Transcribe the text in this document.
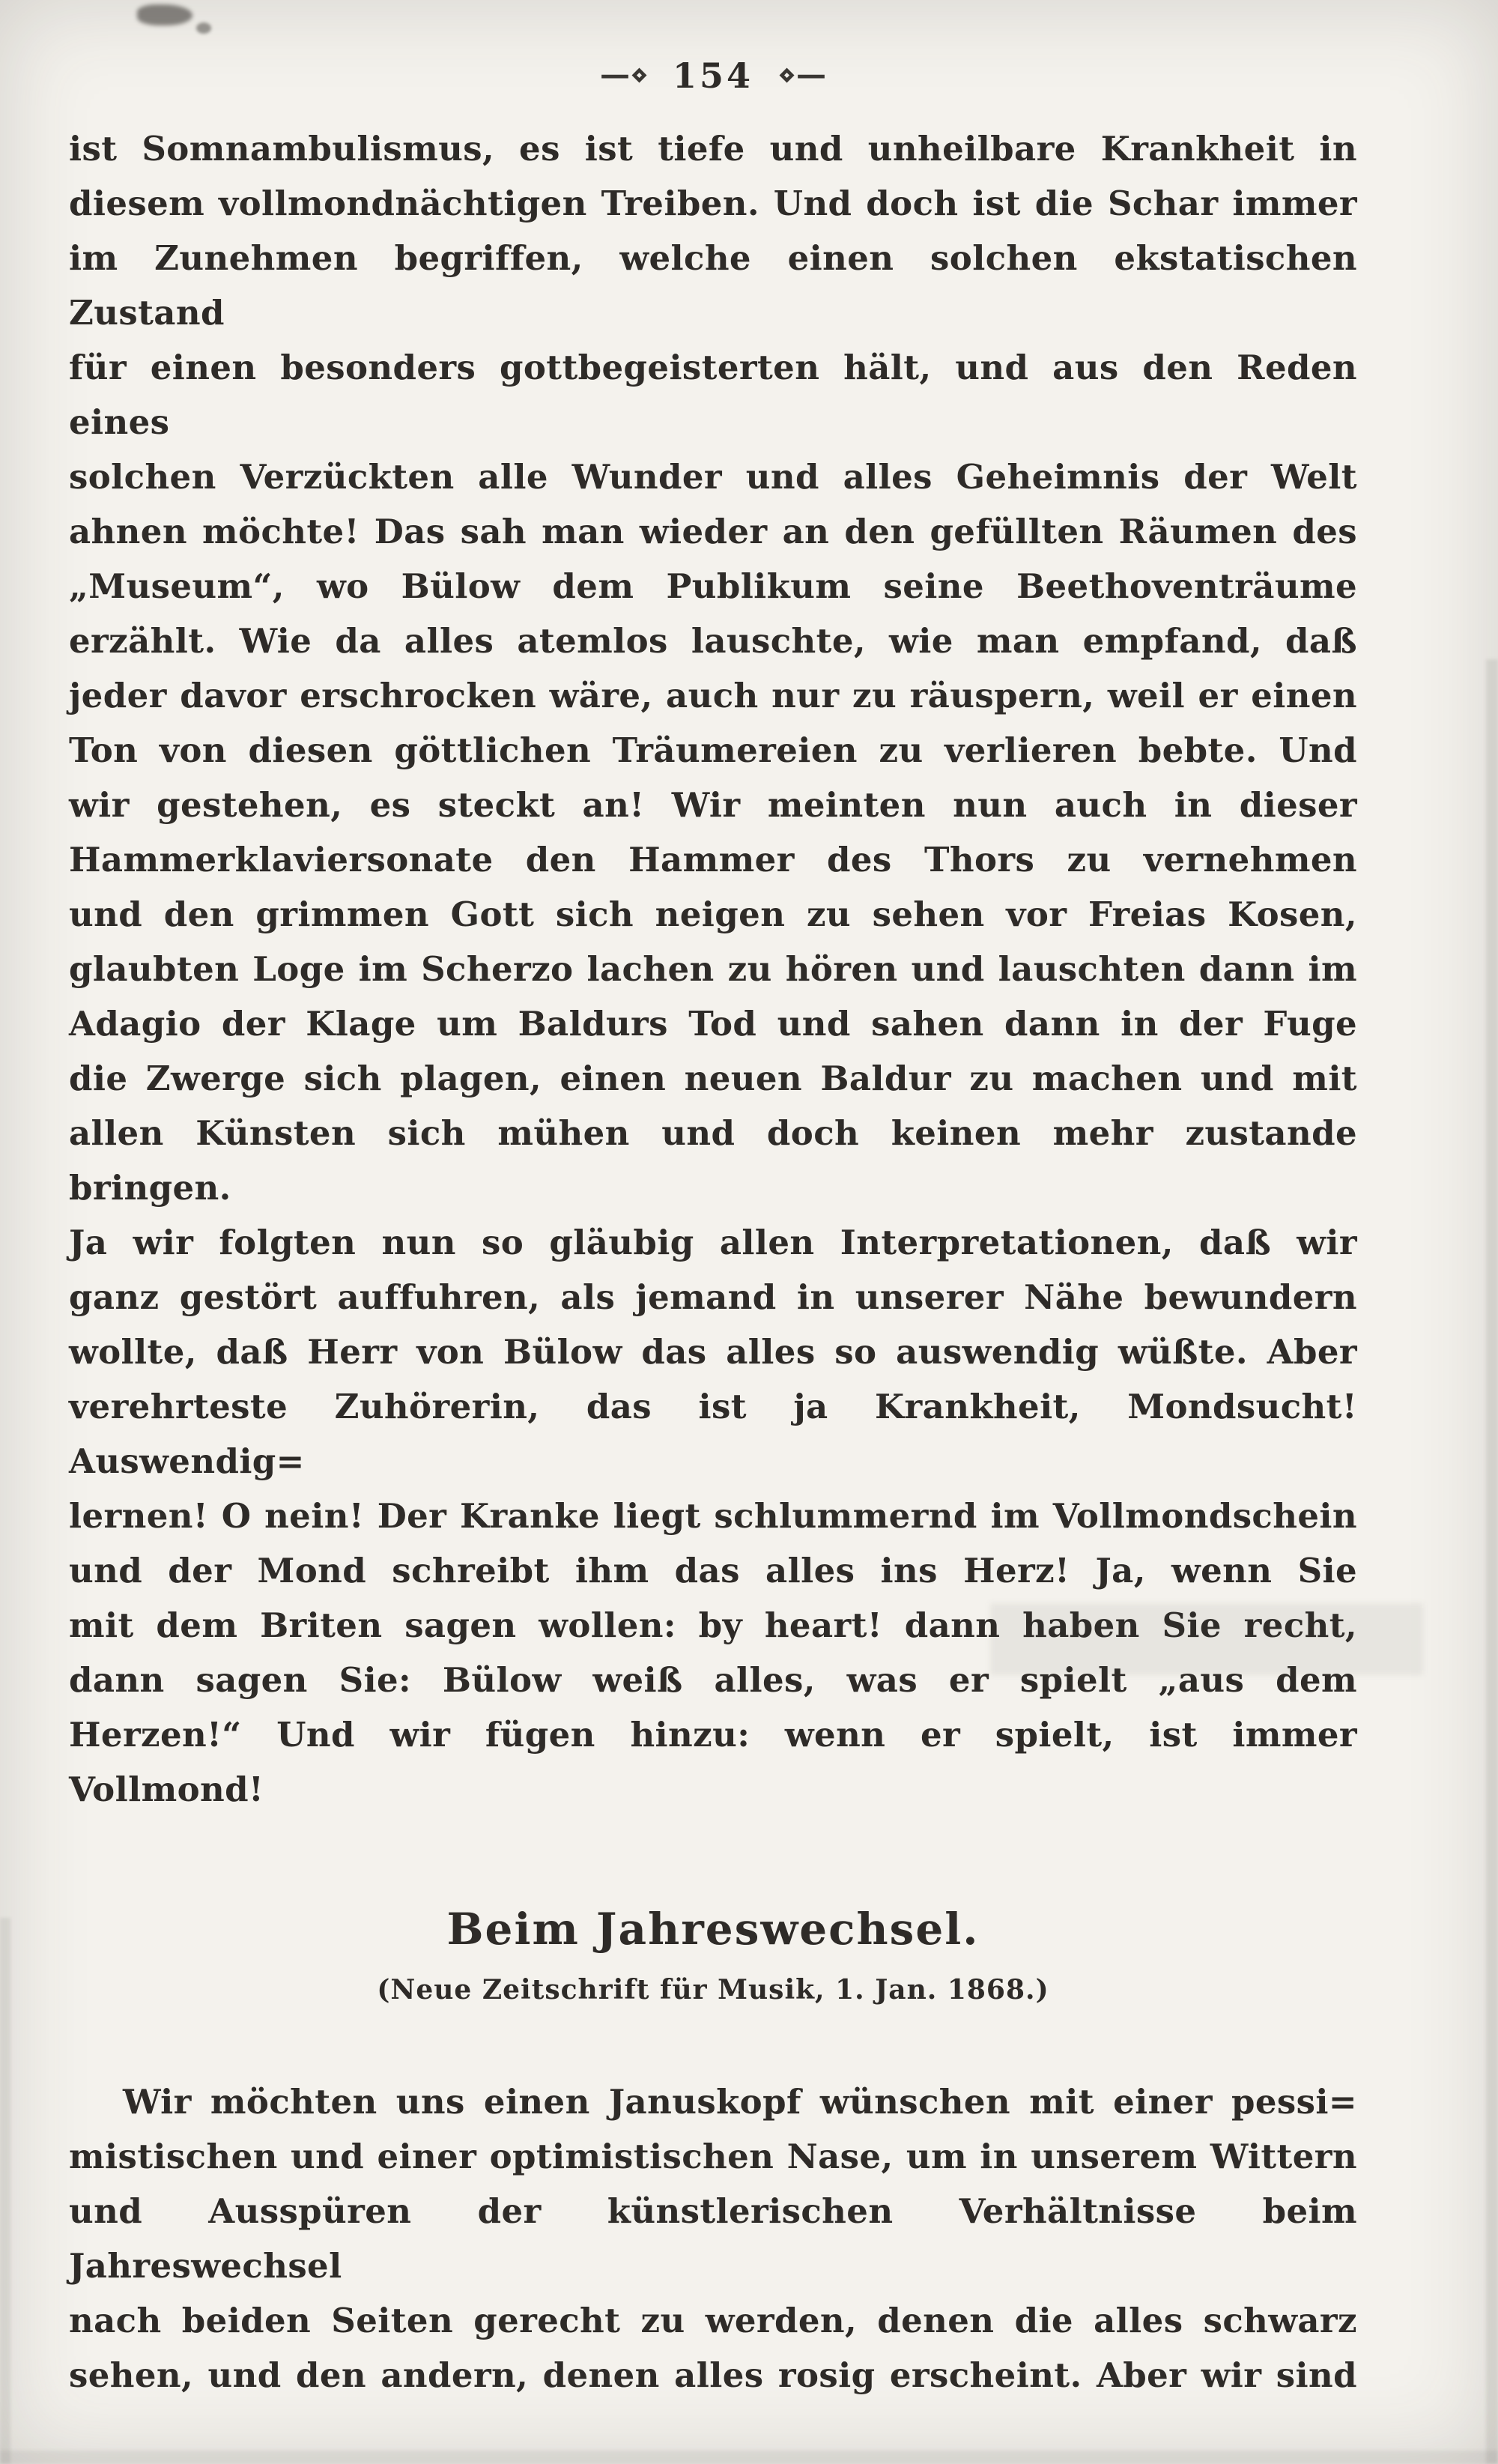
—⋄ 154 ⋄—
ist Somnambulismus, es ist tiefe und unheilbare Krankheit in
diesem vollmondnächtigen Treiben. Und doch ist die Schar immer
im Zunehmen begriffen, welche einen solchen ekstatischen Zustand
für einen besonders gottbegeisterten hält, und aus den Reden eines
solchen Verzückten alle Wunder und alles Geheimnis der Welt
ahnen möchte! Das sah man wieder an den gefüllten Räumen des
„Museum“, wo Bülow dem Publikum seine Beethoventräume
erzählt. Wie da alles atemlos lauschte, wie man empfand, daß
jeder davor erschrocken wäre, auch nur zu räuspern, weil er einen
Ton von diesen göttlichen Träumereien zu verlieren bebte. Und
wir gestehen, es steckt an! Wir meinten nun auch in dieser
Hammerklaviersonate den Hammer des Thors zu vernehmen
und den grimmen Gott sich neigen zu sehen vor Freias Kosen,
glaubten Loge im Scherzo lachen zu hören und lauschten dann im
Adagio der Klage um Baldurs Tod und sahen dann in der Fuge
die Zwerge sich plagen, einen neuen Baldur zu machen und mit
allen Künsten sich mühen und doch keinen mehr zustande bringen.
Ja wir folgten nun so gläubig allen Interpretationen, daß wir
ganz gestört auffuhren, als jemand in unserer Nähe bewundern
wollte, daß Herr von Bülow das alles so auswendig wüßte. Aber
verehrteste Zuhörerin, das ist ja Krankheit, Mondsucht! Auswendig=
lernen! O nein! Der Kranke liegt schlummernd im Vollmondschein
und der Mond schreibt ihm das alles ins Herz! Ja, wenn Sie
mit dem Briten sagen wollen: by heart! dann haben Sie recht,
dann sagen Sie: Bülow weiß alles, was er spielt „aus dem
Herzen!“ Und wir fügen hinzu: wenn er spielt, ist immer Vollmond!
Beim Jahreswechsel.
(Neue Zeitschrift für Musik, 1. Jan. 1868.)
Wir möchten uns einen Januskopf wünschen mit einer pessi=
mistischen und einer optimistischen Nase, um in unserem Wittern
und Ausspüren der künstlerischen Verhältnisse beim Jahreswechsel
nach beiden Seiten gerecht zu werden, denen die alles schwarz
sehen, und den andern, denen alles rosig erscheint. Aber wir sind
